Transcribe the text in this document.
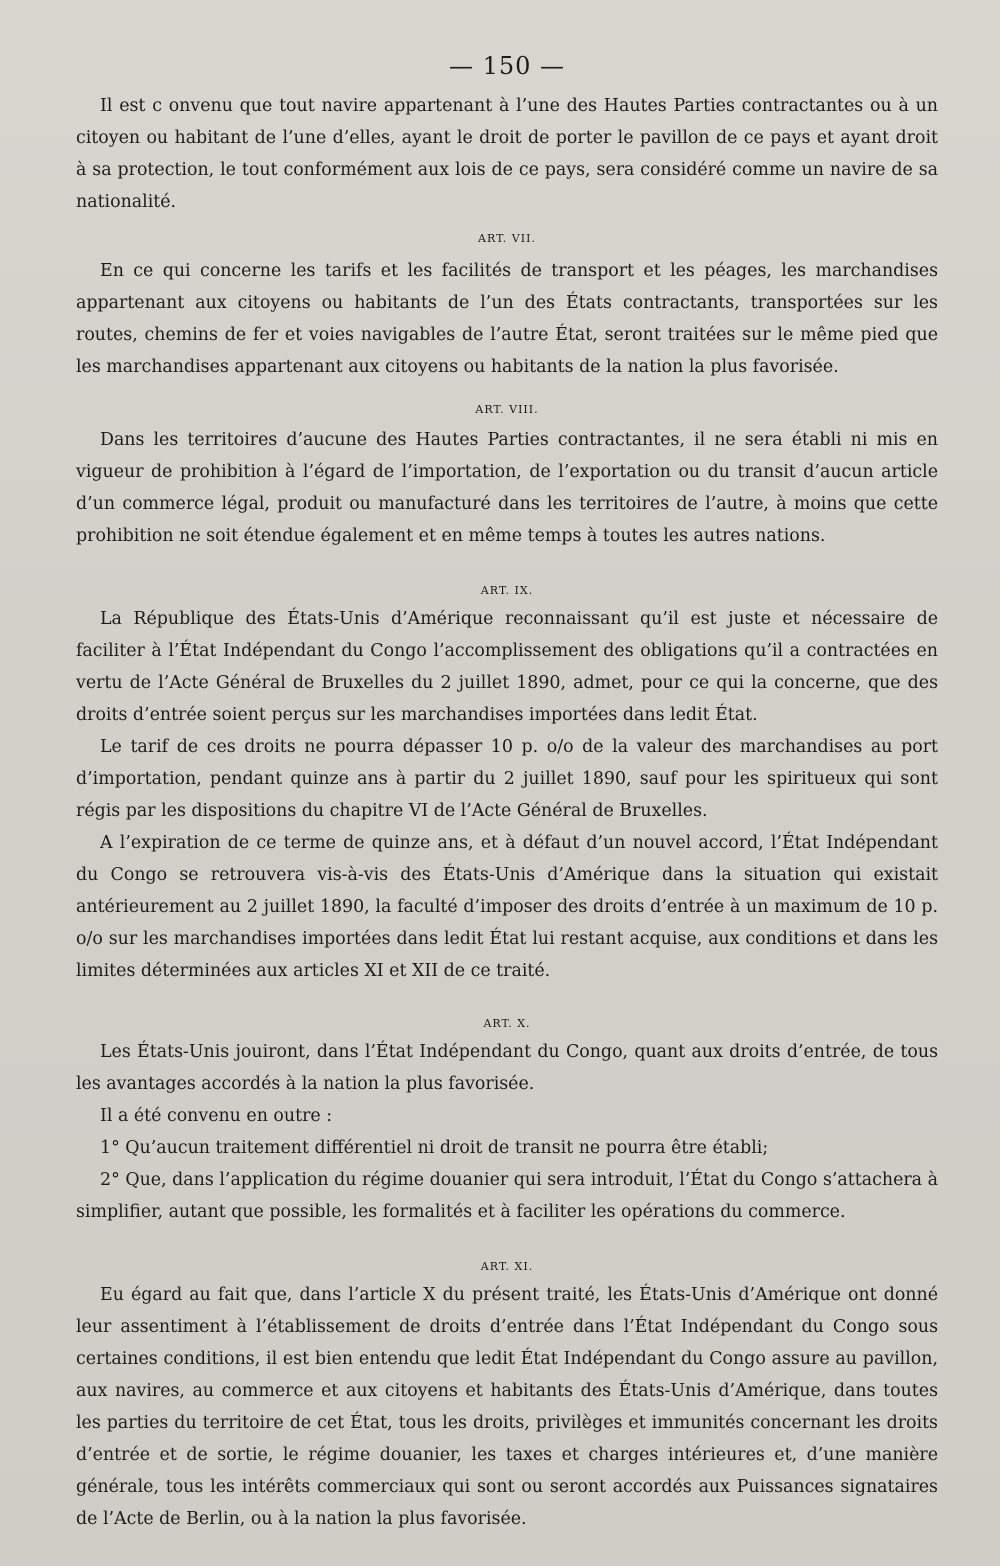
— 150 —

Il est c onvenu que tout navire appartenant à l’une des Hautes Parties contractantes ou à un citoyen ou habitant de l’une d’elles, ayant le droit de porter le pavillon de ce pays et ayant droit à sa protection, le tout conformément aux lois de ce pays, sera considéré comme un navire de sa nationalité.

ART. VII.

En ce qui concerne les tarifs et les facilités de transport et les péages, les marchandises appartenant aux citoyens ou habitants de l’un des États contractants, transportées sur les routes, chemins de fer et voies navigables de l’autre État, seront traitées sur le même pied que les marchandises appartenant aux citoyens ou habitants de la nation la plus favorisée.

ART. VIII.

Dans les territoires d’aucune des Hautes Parties contractantes, il ne sera établi ni mis en vigueur de prohibition à l’égard de l’importation, de l’exportation ou du transit d’aucun article d’un commerce légal, produit ou manufacturé dans les territoires de l’autre, à moins que cette prohibition ne soit étendue également et en même temps à toutes les autres nations.

ART. IX.

La République des États-Unis d’Amérique reconnaissant qu’il est juste et nécessaire de faciliter à l’État Indépendant du Congo l’accomplissement des obligations qu’il a contractées en vertu de l’Acte Général de Bruxelles du 2 juillet 1890, admet, pour ce qui la concerne, que des droits d’entrée soient perçus sur les marchandises importées dans ledit État.

Le tarif de ces droits ne pourra dépasser 10 p. o/o de la valeur des marchandises au port d’importation, pendant quinze ans à partir du 2 juillet 1890, sauf pour les spiritueux qui sont régis par les dispositions du chapitre VI de l’Acte Général de Bruxelles.

A l’expiration de ce terme de quinze ans, et à défaut d’un nouvel accord, l’État Indépendant du Congo se retrouvera vis-à-vis des États-Unis d’Amérique dans la situation qui existait antérieurement au 2 juillet 1890, la faculté d’imposer des droits d’entrée à un maximum de 10 p. o/o sur les marchandises importées dans ledit État lui restant acquise, aux conditions et dans les limites déterminées aux articles XI et XII de ce traité.

ART. X.

Les États-Unis jouiront, dans l’État Indépendant du Congo, quant aux droits d’entrée, de tous les avantages accordés à la nation la plus favorisée.

Il a été convenu en outre :

1° Qu’aucun traitement différentiel ni droit de transit ne pourra être établi;

2° Que, dans l’application du régime douanier qui sera introduit, l’État du Congo s’attachera à simplifier, autant que possible, les formalités et à faciliter les opérations du commerce.

ART. XI.

Eu égard au fait que, dans l’article X du présent traité, les États-Unis d’Amérique ont donné leur assentiment à l’établissement de droits d’entrée dans l’État Indépendant du Congo sous certaines conditions, il est bien entendu que ledit État Indépendant du Congo assure au pavillon, aux navires, au commerce et aux citoyens et habitants des États-Unis d’Amérique, dans toutes les parties du territoire de cet État, tous les droits, privilèges et immunités concernant les droits d’entrée et de sortie, le régime douanier, les taxes et charges intérieures et, d’une manière générale, tous les intérêts commerciaux qui sont ou seront accordés aux Puissances signataires de l’Acte de Berlin, ou à la nation la plus favorisée.
